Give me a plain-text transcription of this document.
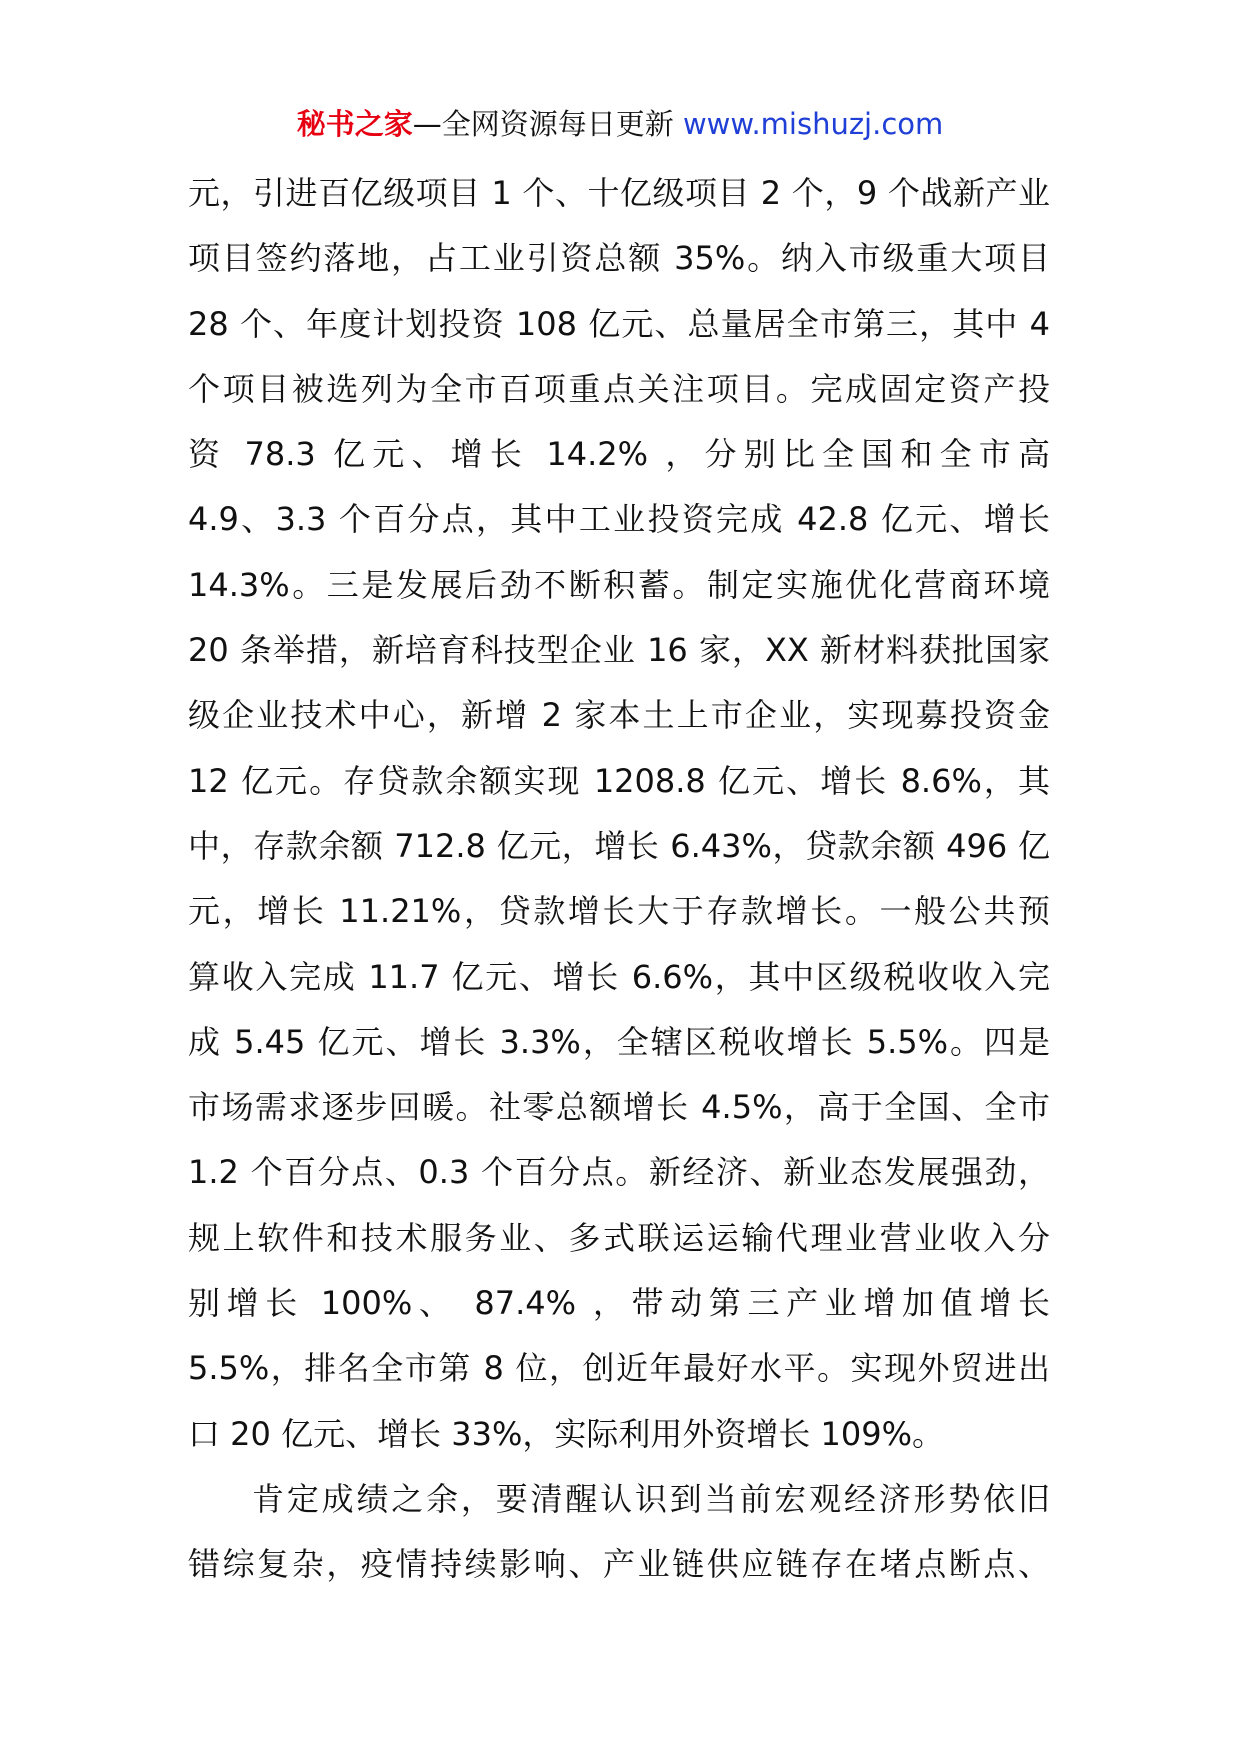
秘书之家—全网资源每日更新 www.mishuzj.com
元，引进百亿级项目 1 个、十亿级项目 2 个，9 个战新产业
项目签约落地，占工业引资总额 35%。纳入市级重大项目
28 个、年度计划投资 108 亿元、总量居全市第三，其中 4
个项目被选列为全市百项重点关注项目。完成固定资产投
资 78.3 亿元、增长 14.2% ，分别比全国和全市高
4.9、3.3 个百分点，其中工业投资完成 42.8 亿元、增长
14.3%。三是发展后劲不断积蓄。制定实施优化营商环境
20 条举措，新培育科技型企业 16 家，XX 新材料获批国家
级企业技术中心，新增 2 家本土上市企业，实现募投资金
12 亿元。存贷款余额实现 1208.8 亿元、增长 8.6%，其
中，存款余额 712.8 亿元，增长 6.43%，贷款余额 496 亿
元，增长 11.21%，贷款增长大于存款增长。一般公共预
算收入完成 11.7 亿元、增长 6.6%，其中区级税收收入完
成 5.45 亿元、增长 3.3%，全辖区税收增长 5.5%。四是
市场需求逐步回暖。社零总额增长 4.5%，高于全国、全市
1.2 个百分点、0.3 个百分点。新经济、新业态发展强劲，
规上软件和技术服务业、多式联运运输代理业营业收入分
别增长 100%、 87.4% ，带动第三产业增加值增长
5.5%，排名全市第 8 位，创近年最好水平。实现外贸进出
口 20 亿元、增长 33%，实际利用外资增长 109%。
肯定成绩之余，要清醒认识到当前宏观经济形势依旧
错综复杂，疫情持续影响、产业链供应链存在堵点断点、
